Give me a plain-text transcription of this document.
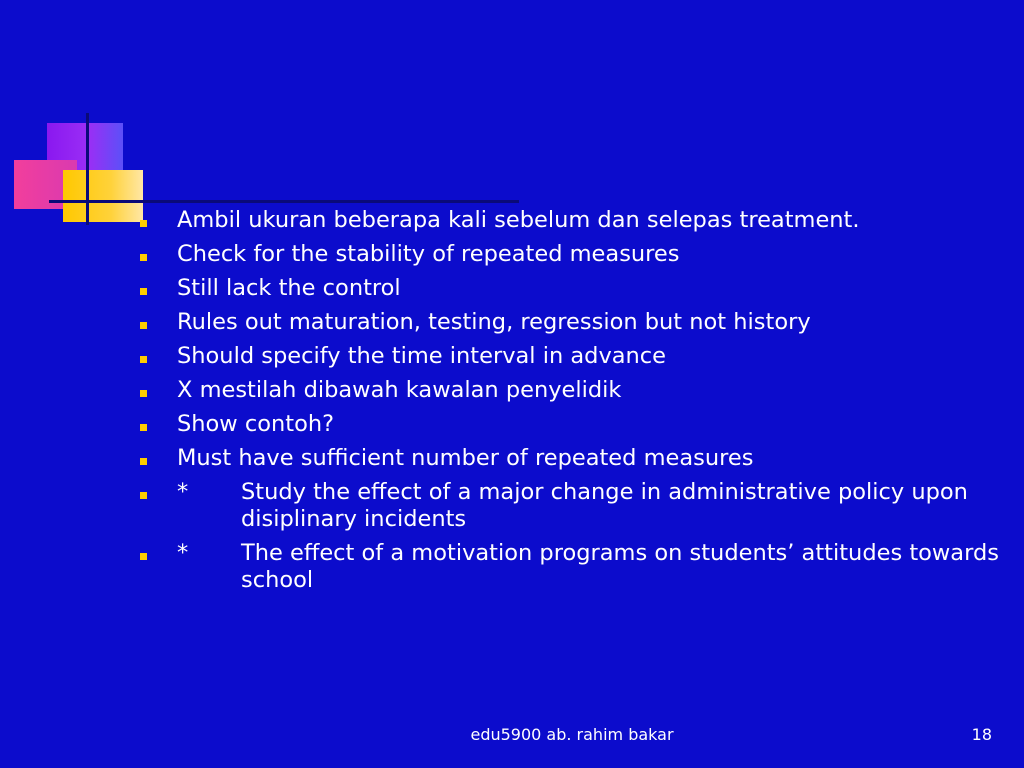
Ambil ukuran beberapa kali sebelum dan selepas treatment.
Check for the stability of repeated measures
Still lack the control
Rules out maturation, testing, regression but not history
Should specify the time interval in advance
X mestilah dibawah kawalan penyelidik
Show contoh?
Must have sufficient number of repeated measures
*	Study the effect of a major change in administrative policy upon disiplinary incidents
*	The effect of a motivation programs on students’ attitudes towards school
edu5900 ab. rahim bakar	18
